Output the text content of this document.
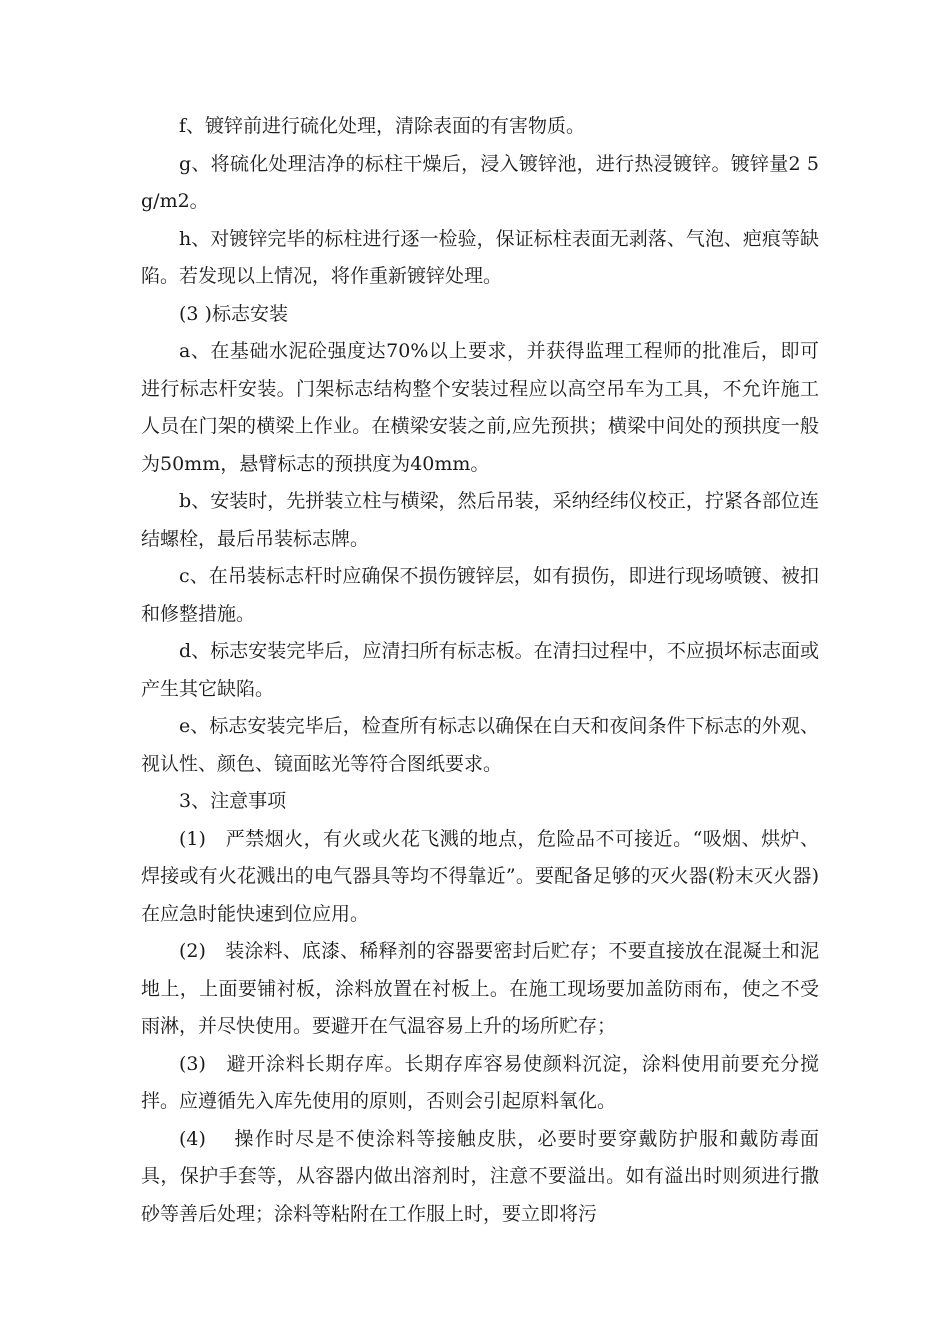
f、镀锌前进行硫化处理，清除表面的有害物质。

g、将硫化处理洁净的标柱干燥后，浸入镀锌池，进行热浸镀锌。镀锌量2 5g/m2。

h、对镀锌完毕的标柱进行逐一检验，保证标柱表面无剥落、气泡、疤痕等缺陷。若发现以上情况，将作重新镀锌处理。

(3 )标志安装

a、在基础水泥砼强度达70%以上要求，并获得监理工程师的批准后，即可进行标志杆安装。门架标志结构整个安装过程应以高空吊车为工具，不允许施工人员在门架的横梁上作业。在横梁安装之前,应先预拱；横梁中间处的预拱度一般为50mm，悬臂标志的预拱度为40mm。

b、安装时，先拼装立柱与横梁，然后吊装，采纳经纬仪校正，拧紧各部位连结螺栓，最后吊装标志牌。

c、在吊装标志杆时应确保不损伤镀锌层，如有损伤，即进行现场喷镀、被扣和修整措施。

d、标志安装完毕后，应清扫所有标志板。在清扫过程中，不应损坏标志面或产生其它缺陷。

e、标志安装完毕后，检查所有标志以确保在白天和夜间条件下标志的外观、视认性、颜色、镜面眩光等符合图纸要求。

3、注意事项

(1)　严禁烟火，有火或火花飞溅的地点，危险品不可接近。“吸烟、烘炉、焊接或有火花溅出的电气器具等均不得靠近”。要配备足够的灭火器(粉末灭火器)在应急时能快速到位应用。

(2)　装涂料、底漆、稀释剂的容器要密封后贮存；不要直接放在混凝土和泥地上，上面要铺衬板，涂料放置在衬板上。在施工现场要加盖防雨布，使之不受雨淋，并尽快使用。要避开在气温容易上升的场所贮存；

(3)　避开涂料长期存库。长期存库容易使颜料沉淀，涂料使用前要充分搅拌。应遵循先入库先使用的原则，否则会引起原料氧化。

(4)　 操作时尽是不使涂料等接触皮肤，必要时要穿戴防护服和戴防毒面具，保护手套等，从容器内做出溶剂时，注意不要溢出。如有溢出时则须进行撒砂等善后处理；涂料等粘附在工作服上时，要立即将污
